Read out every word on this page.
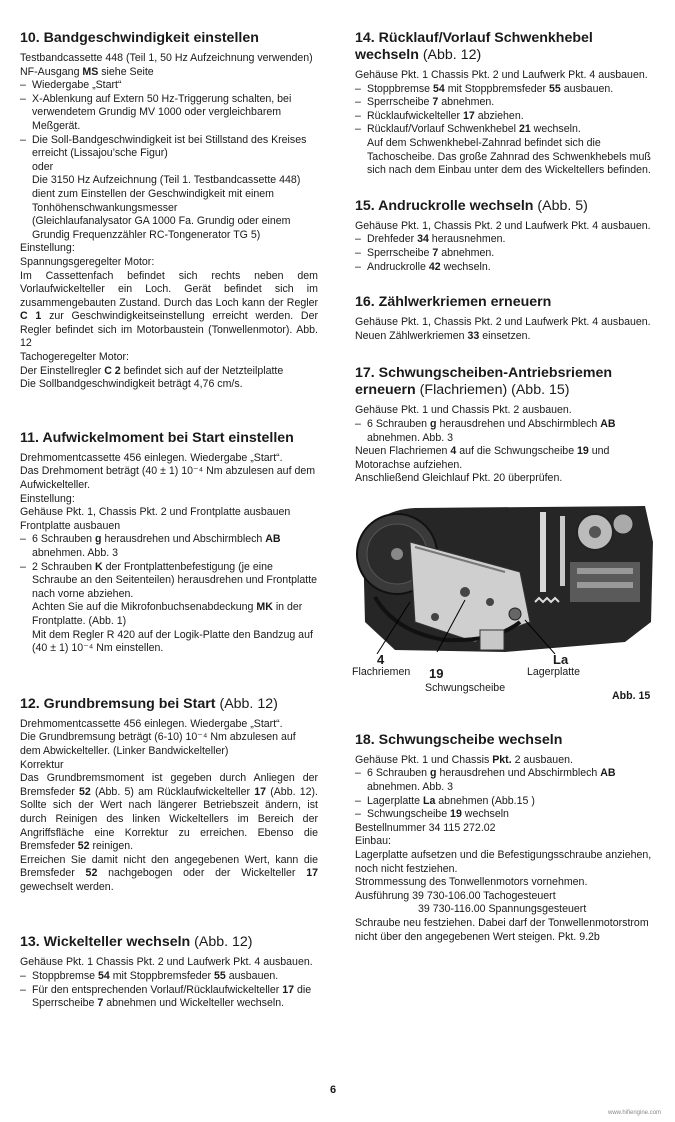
10. Bandgeschwindigkeit einstellen

Testbandcassette 448 (Teil 1, 50 Hz Aufzeichnung verwenden)

NF-Ausgang MS siehe Seite

– Wiedergabe „Start“
– X-Ablenkung auf Extern 50 Hz-Triggerung schalten, bei verwendetem Grundig MV 1000 oder vergleichbarem Meßgerät.
– Die Soll-Bandgeschwindigkeit ist bei Stillstand des Kreises erreicht (Lissajou’sche Figur)

oder

Die 3150 Hz Aufzeichnung (Teil 1. Testbandcassette 448) dient zum Einstellen der Geschwindigkeit mit einem Tonhöhenschwankungsmesser

(Gleichlaufanalysator GA 1000 Fa. Grundig oder einem Grundig Frequenzzähler RC-Tongenerator TG 5)

Einstellung:

Spannungsgeregelter Motor:

Im Cassettenfach befindet sich rechts neben dem Vorlaufwickelteller ein Loch. Gerät befindet sich im zusammengebauten Zustand. Durch das Loch kann der Regler C 1 zur Geschwindigkeitseinstellung erreicht werden. Der Regler befindet sich im Motorbaustein (Tonwellenmotor). Abb. 12

Tachogeregelter Motor:

Der Einstellregler C 2 befindet sich auf der Netzteilplatte

Die Sollbandgeschwindigkeit beträgt 4,76 cm/s.

11. Aufwickelmoment bei Start einstellen

Drehmomentcassette 456 einlegen. Wiedergabe „Start“.

Das Drehmoment beträgt (40 ± 1) 10⁻⁴ Nm abzulesen auf dem Aufwickelteller.

Einstellung:

Gehäuse Pkt. 1, Chassis Pkt. 2 und Frontplatte ausbauen

Frontplatte ausbauen

– 6 Schrauben g herausdrehen und Abschirmblech AB abnehmen. Abb. 3
– 2 Schrauben K der Frontplattenbefestigung (je eine Schraube an den Seitenteilen) herausdrehen und Frontplatte nach vorne abziehen.
Achten Sie auf die Mikrofonbuchsenabdeckung MK in der Frontplatte. (Abb. 1)
Mit dem Regler R 420 auf der Logik-Platte den Bandzug auf (40 ± 1) 10⁻⁴ Nm einstellen.
12. Grundbremsung bei Start (Abb. 12)

Drehmomentcassette 456 einlegen. Wiedergabe „Start“.

Die Grundbremsung beträgt (6-10) 10⁻⁴ Nm abzulesen auf dem Abwickelteller. (Linker Bandwickelteller)

Korrektur

Das Grundbremsmoment ist gegeben durch Anliegen der Bremsfeder 52 (Abb. 5) am Rücklaufwickelteller 17 (Abb. 12). Sollte sich der Wert nach längerer Betriebszeit ändern, ist durch Reinigen des linken Wickeltellers im Bereich der Angriffsfläche eine Korrektur zu erreichen. Ebenso die Bremsfeder 52 reinigen.

Erreichen Sie damit nicht den angegebenen Wert, kann die Bremsfeder 52 nachgebogen oder der Wickelteller 17 gewechselt werden.

13. Wickelteller wechseln (Abb. 12)

Gehäuse Pkt. 1 Chassis Pkt. 2 und Laufwerk Pkt. 4 ausbauen.

– Stoppbremse 54 mit Stoppbremsfeder 55 ausbauen.
– Für den entsprechenden Vorlauf/Rücklaufwickelteller 17 die Sperrscheibe 7 abnehmen und Wickelteller wechseln.
14. Rücklauf/Vorlauf Schwenkhebel wechseln (Abb. 12)

Gehäuse Pkt. 1 Chassis Pkt. 2 und Laufwerk Pkt. 4 ausbauen.

– Stoppbremse 54 mit Stoppbremsfeder 55 ausbauen.
– Sperrscheibe 7 abnehmen.
– Rücklaufwickelteller 17 abziehen.
– Rücklauf/Vorlauf Schwenkhebel 21 wechseln.
Auf dem Schwenkhebel-Zahnrad befindet sich die Tachoscheibe. Das große Zahnrad des Schwenkhebels muß sich nach dem Einbau unter dem des Wickeltellers befinden.
15. Andruckrolle wechseln (Abb. 5)

Gehäuse Pkt. 1, Chassis Pkt. 2 und Laufwerk Pkt. 4 ausbauen.

– Drehfeder 34 herausnehmen.
– Sperrscheibe 7 abnehmen.
– Andruckrolle 42 wechseln.
16. Zählwerkriemen erneuern

Gehäuse Pkt. 1, Chassis Pkt. 2 und Laufwerk Pkt. 4 ausbauen. Neuen Zählwerkriemen 33 einsetzen.

17. Schwungscheiben-Antriebsriemen erneuern (Flachriemen) (Abb. 15)

Gehäuse Pkt. 1 und Chassis Pkt. 2 ausbauen.

– 6 Schrauben g herausdrehen und Abschirmblech AB abnehmen. Abb. 3

Neuen Flachriemen 4 auf die Schwungscheibe 19 und Motorachse aufziehen.

Anschließend Gleichlauf Pkt. 20 überprüfen.

4
Flachriemen 19
Schwungscheibe
La
Lagerplatte
Abb. 15
18. Schwungscheibe wechseln

Gehäuse Pkt. 1 und Chassis Pkt. 2 ausbauen.

– 6 Schrauben g herausdrehen und Abschirmblech AB abnehmen. Abb. 3
– Lagerplatte La abnehmen (Abb.15 )
– Schwungscheibe 19 wechseln

Bestellnummer 34 115 272.02

Einbau:

Lagerplatte aufsetzen und die Befestigungsschraube anziehen, noch nicht festziehen.

Strommessung des Tonwellenmotors vornehmen.

Ausführung 39 730-106.00 Tachogesteuert

39 730-116.00 Spannungsgesteuert

Schraube neu festziehen. Dabei darf der Tonwellenmotorstrom nicht über den angegebenen Wert steigen. Pkt. 9.2b

6
www.hifiengine.com
